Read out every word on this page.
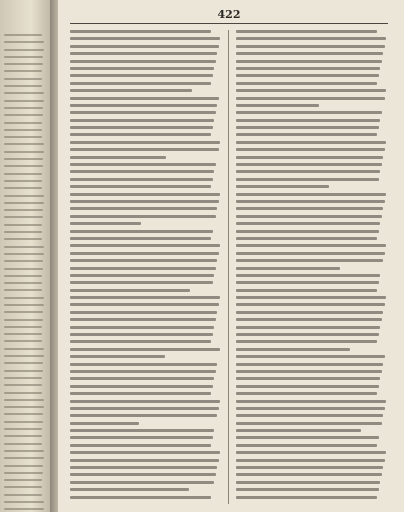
422
